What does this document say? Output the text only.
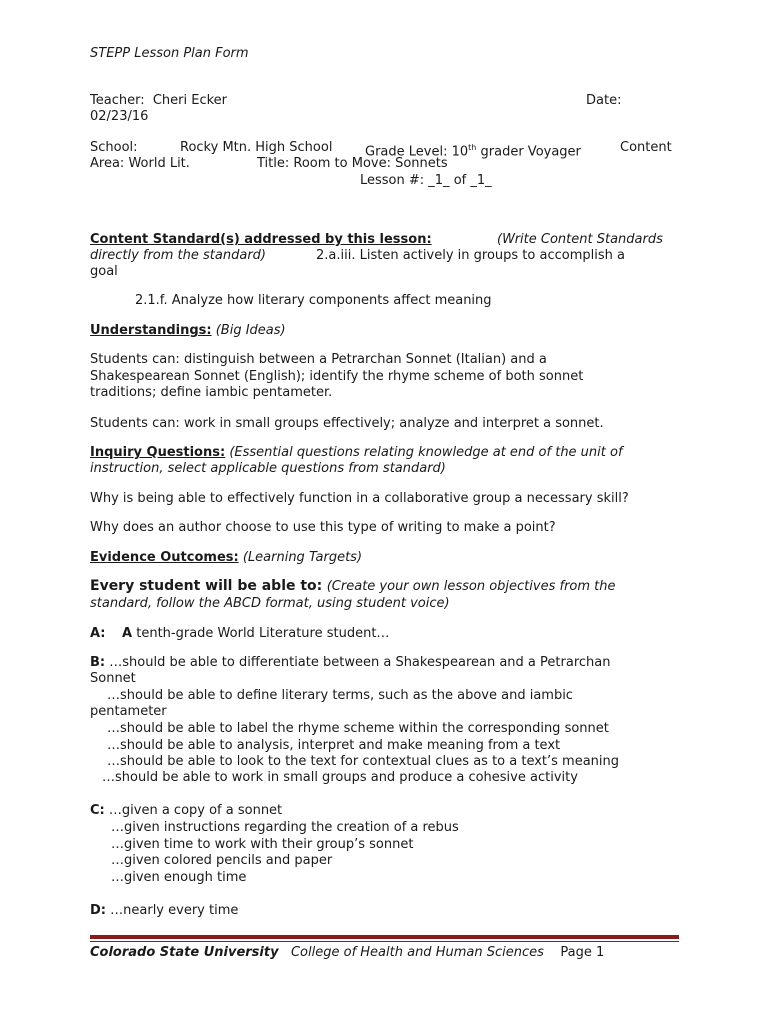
STEPP Lesson Plan Form
Teacher: Cheri Ecker	Date:
02/23/16
School:	Rocky Mtn. High School	Grade Level: 10th grader Voyager	Content
Area: World Lit.	Title: Room to Move: Sonnets
Lesson #: _1_ of _1_
Content Standard(s) addressed by this lesson:	(Write Content Standards
directly from the standard)	2.a.iii. Listen actively in groups to accomplish a
goal
2.1.f. Analyze how literary components affect meaning
Understandings: (Big Ideas)
Students can: distinguish between a Petrarchan Sonnet (Italian) and a
Shakespearean Sonnet (English); identify the rhyme scheme of both sonnet
traditions; define iambic pentameter.
Students can: work in small groups effectively; analyze and interpret a sonnet.
Inquiry Questions: (Essential questions relating knowledge at end of the unit of
instruction, select applicable questions from standard)
Why is being able to effectively function in a collaborative group a necessary skill?
Why does an author choose to use this type of writing to make a point?
Evidence Outcomes: (Learning Targets)
Every student will be able to: (Create your own lesson objectives from the
standard, follow the ABCD format, using student voice)
A: A tenth-grade World Literature student…
B: …should be able to differentiate between a Shakespearean and a Petrarchan
Sonnet
…should be able to define literary terms, such as the above and iambic
pentameter
…should be able to label the rhyme scheme within the corresponding sonnet
…should be able to analysis, interpret and make meaning from a text
…should be able to look to the text for contextual clues as to a text’s meaning
…should be able to work in small groups and produce a cohesive activity
C: …given a copy of a sonnet
…given instructions regarding the creation of a rebus
…given time to work with their group’s sonnet
…given colored pencils and paper
…given enough time
D: …nearly every time
Colorado State University College of Health and Human Sciences Page 1
